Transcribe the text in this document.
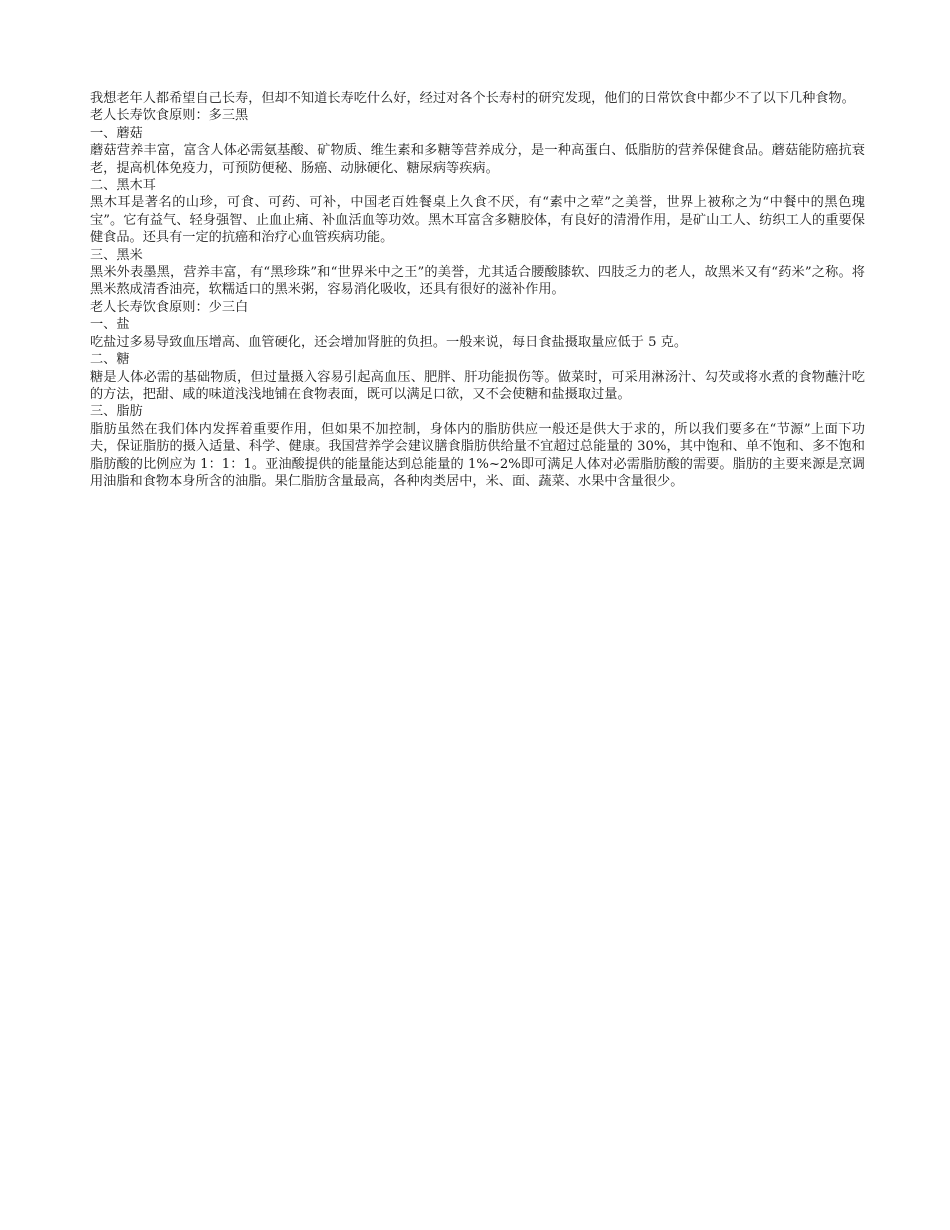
我想老年人都希望自己长寿，但却不知道长寿吃什么好，经过对各个长寿村的研究发现，他们的日常饮食中都少不了以下几种食物。

老人长寿饮食原则：多三黑

一、蘑菇

蘑菇营养丰富，富含人体必需氨基酸、矿物质、维生素和多糖等营养成分，是一种高蛋白、低脂肪的营养保健食品。蘑菇能防癌抗衰老，提高机体免疫力，可预防便秘、肠癌、动脉硬化、糖尿病等疾病。

二、黑木耳

黑木耳是著名的山珍，可食、可药、可补，中国老百姓餐桌上久食不厌，有“素中之荤”之美誉，世界上被称之为“中餐中的黑色瑰宝”。它有益气、轻身强智、止血止痛、补血活血等功效。黑木耳富含多糖胶体，有良好的清滑作用，是矿山工人、纺织工人的重要保健食品。还具有一定的抗癌和治疗心血管疾病功能。

三、黑米

黑米外表墨黑，营养丰富，有“黑珍珠”和“世界米中之王”的美誉，尤其适合腰酸膝软、四肢乏力的老人，故黑米又有“药米”之称。将黑米熬成清香油亮，软糯适口的黑米粥，容易消化吸收，还具有很好的滋补作用。

老人长寿饮食原则：少三白

一、盐

吃盐过多易导致血压增高、血管硬化，还会增加肾脏的负担。一般来说，每日食盐摄取量应低于 5 克。

二、糖

糖是人体必需的基础物质，但过量摄入容易引起高血压、肥胖、肝功能损伤等。做菜时，可采用淋汤汁、勾芡或将水煮的食物蘸汁吃的方法，把甜、咸的味道浅浅地铺在食物表面，既可以满足口欲，又不会使糖和盐摄取过量。

三、脂肪

脂肪虽然在我们体内发挥着重要作用，但如果不加控制，身体内的脂肪供应一般还是供大于求的，所以我们要多在“节源”上面下功夫，保证脂肪的摄入适量、科学、健康。我国营养学会建议膳食脂肪供给量不宜超过总能量的 30%，其中饱和、单不饱和、多不饱和脂肪酸的比例应为 1：1：1。亚油酸提供的能量能达到总能量的 1%~2%即可满足人体对必需脂肪酸的需要。脂肪的主要来源是烹调用油脂和食物本身所含的油脂。果仁脂肪含量最高，各种肉类居中，米、面、蔬菜、水果中含量很少。
